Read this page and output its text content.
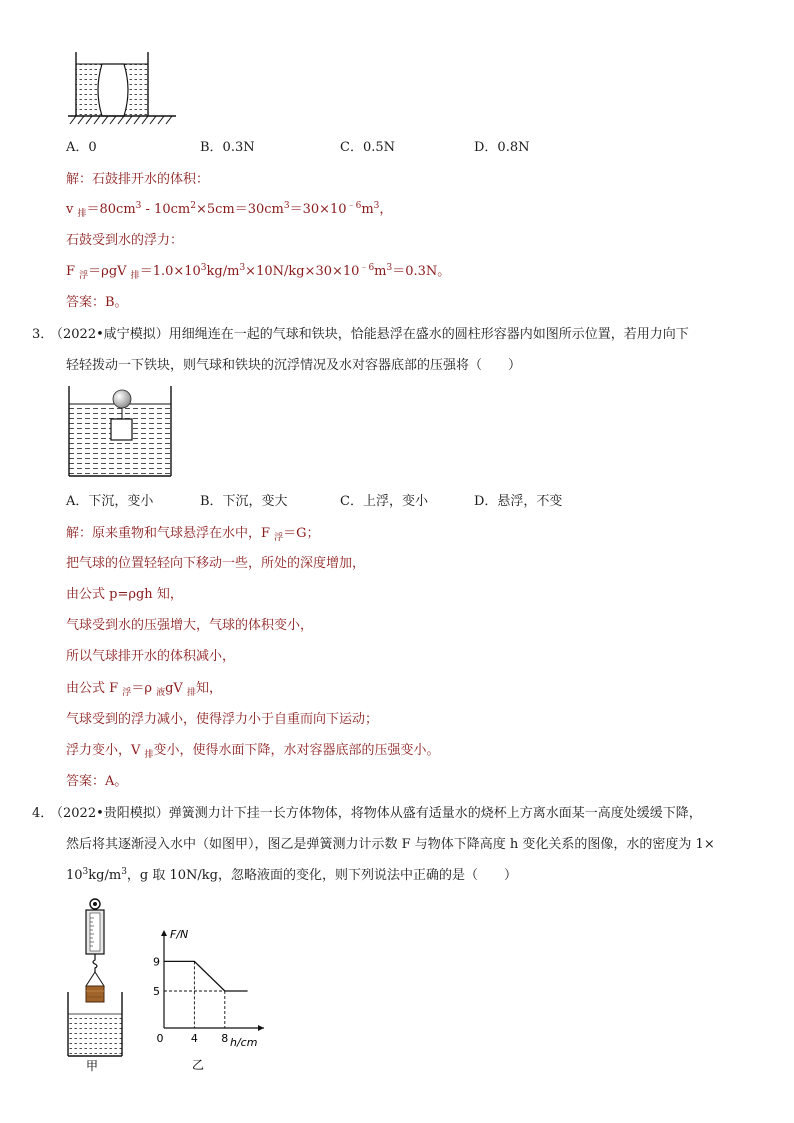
A．0	B．0.3N	C．0.5N	D．0.8N
解：石鼓排开水的体积：
v $_排=80cm^3 - 10cm^2\times 5cm=30cm^3=30\times 10^{﹣6}m^3$，
石鼓受到水的浮力：
F $_浮$＝ρgV $_排=1.0\times 10^3kg/m^3\times 10N/kg\times 30\times 10^{﹣6}m^3=0.3N$。
答案：B。
3．
（2022•咸宁模拟）用细绳连在一起的气球和铁块，恰能悬浮在盛水的圆柱形容器内如图所示位置，若用力向下
轻轻拨动一下铁块，则气球和铁块的沉浮情况及水对容器底部的压强将（　　）
A．下沉，变小	B．下沉，变大	C．上浮，变小	D．悬浮，不变
解：原来重物和气球悬浮在水中，F $_浮$＝G；
把气球的位置轻轻向下移动一些，所处的深度增加，
由公式 p=ρgh 知，
气球受到水的压强增大，气球的体积变小，
所以气球排开水的体积减小，
由公式 F $_浮$＝ρ $_液$gV $_排$知，
气球受到的浮力减小，使得浮力小于自重而向下运动；
浮力变小，V $_排$变小，使得水面下降，水对容器底部的压强变小。
答案：A。
4．
（2022•贵阳模拟）弹簧测力计下挂一长方体物体，将物体从盛有适量水的烧杯上方离水面某一高度处缓缓下降，
然后将其逐渐浸入水中（如图甲），图乙是弹簧测力计示数 F 与物体下降高度 h 变化关系的图像，水的密度为 1×
$10^3kg/m^3$，g 取 10N/kg，忽略液面的变化，则下列说法中正确的是（　　）
甲
F/N
h/cm
0
乙
4 8
9
5
